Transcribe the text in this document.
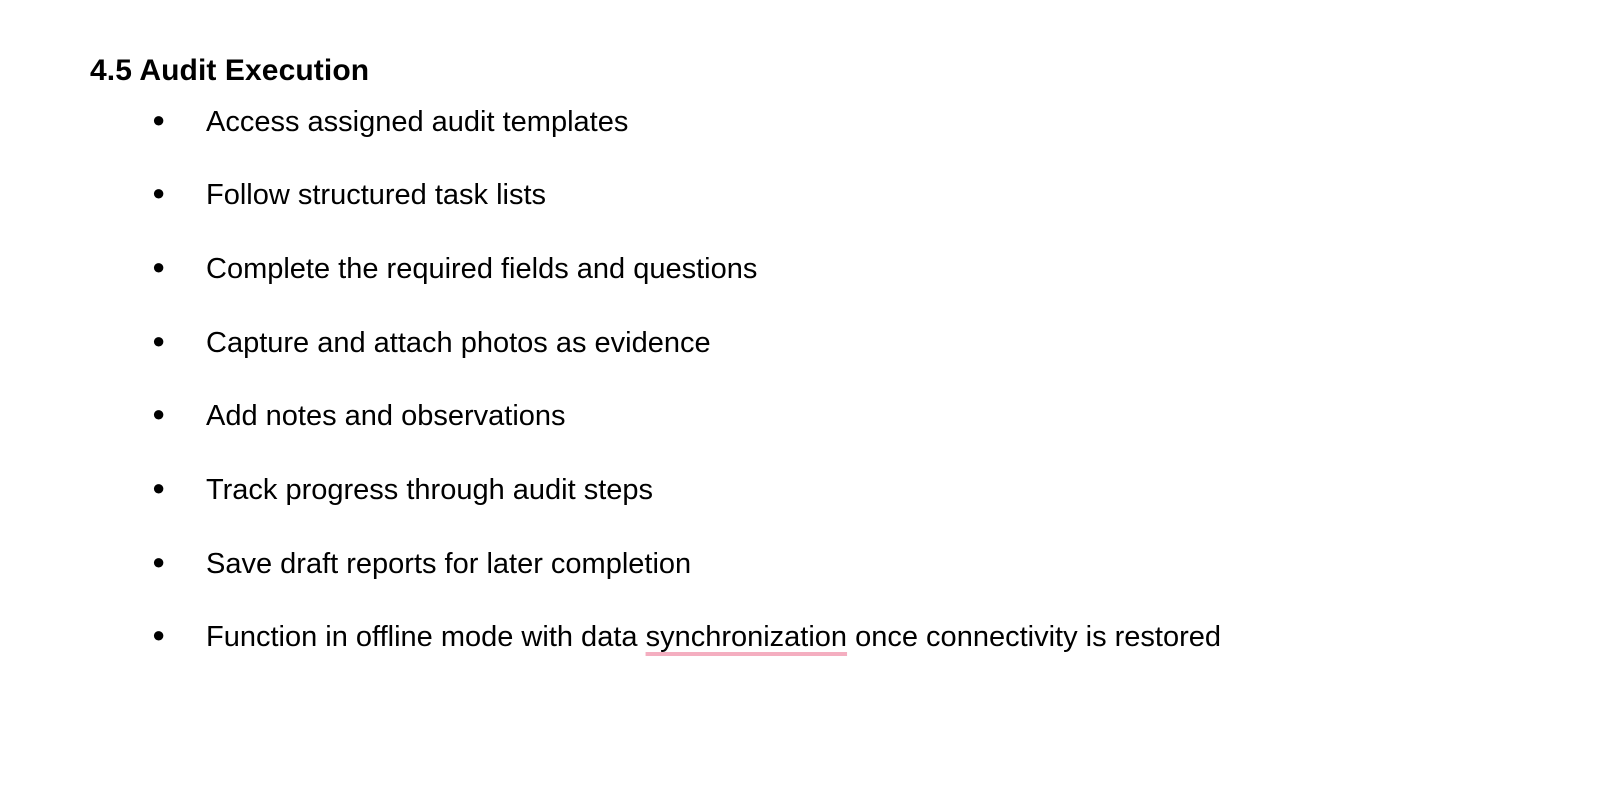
4.5 Audit Execution
●	Access assigned audit templates
●	Follow structured task lists
●	Complete the required fields and questions
●	Capture and attach photos as evidence
●	Add notes and observations
●	Track progress through audit steps
●	Save draft reports for later completion
●	Function in offline mode with data synchronization once connectivity is restored
